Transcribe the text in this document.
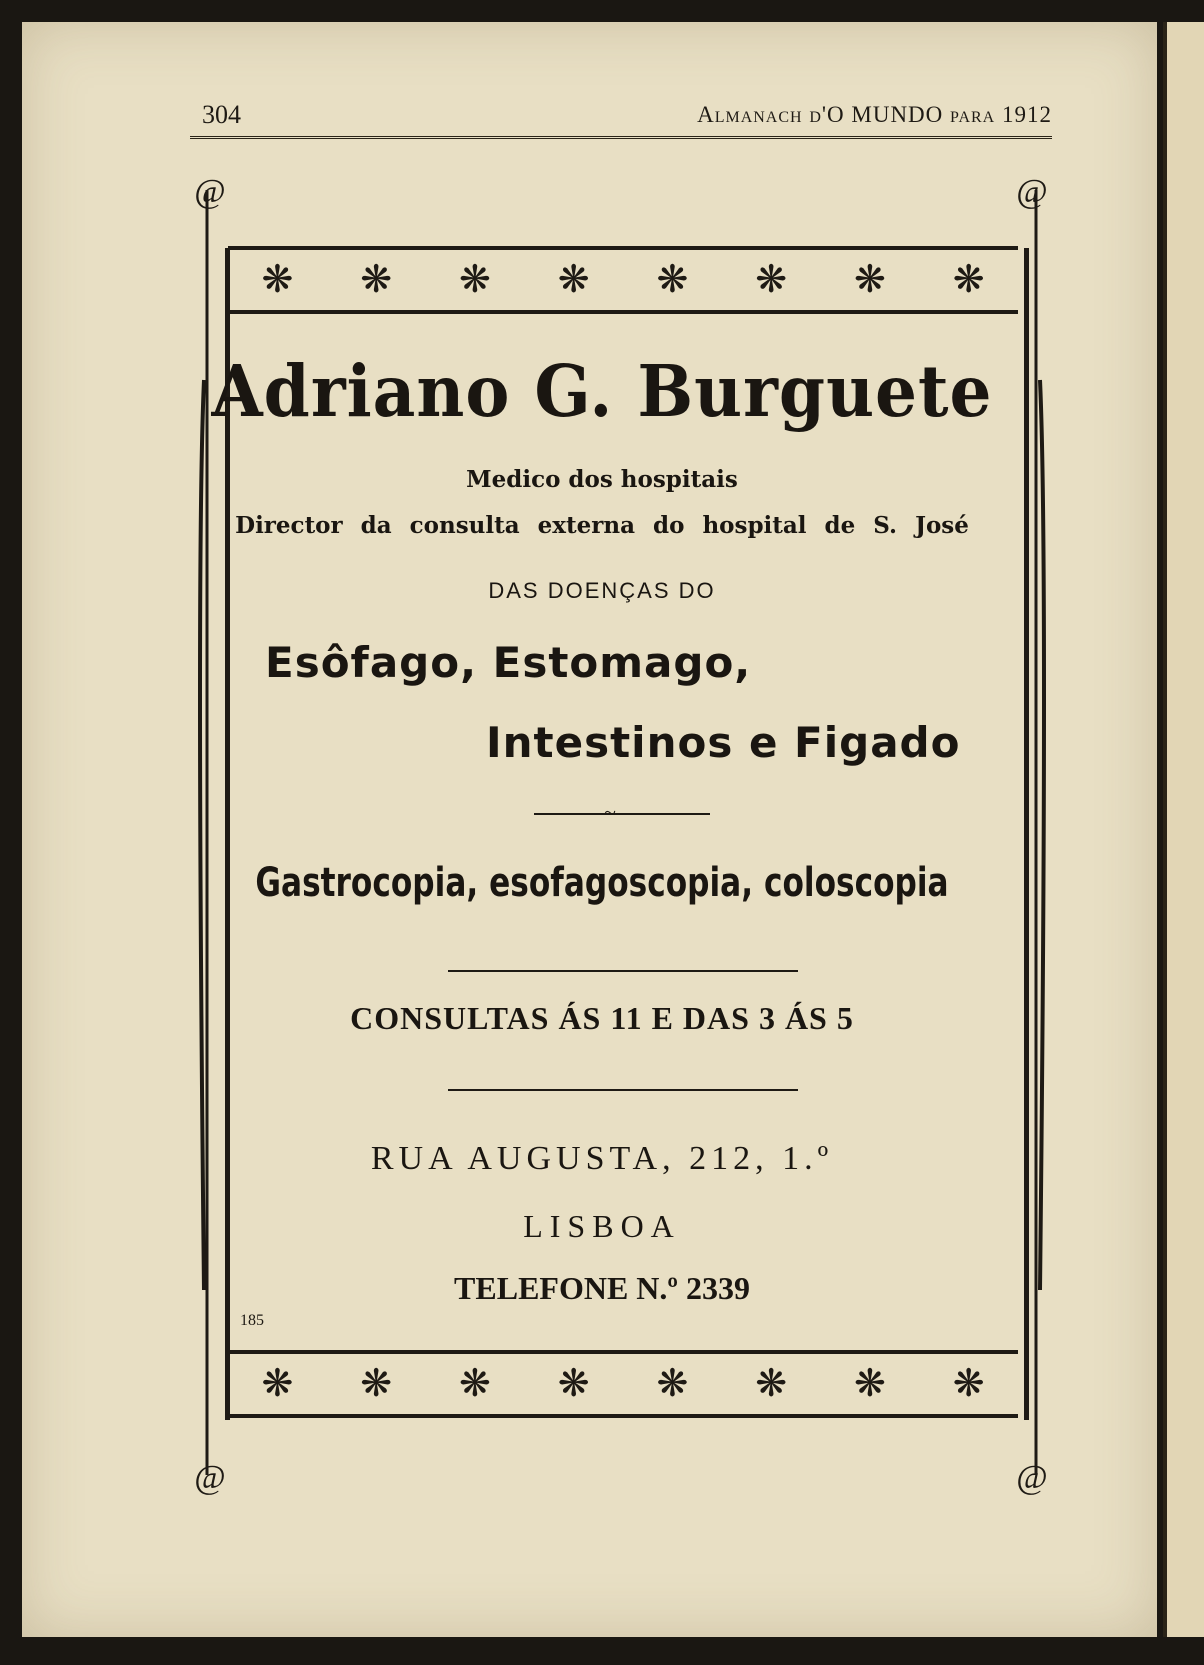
304	Almanach d'O MUNDO para 1912
@	@
@	@
❋ ❋ ❋ ❋ ❋ ❋ ❋ ❋
Adriano G. Burguete
Medico dos hospitais
Director da consulta externa do hospital de S. José
DAS DOENÇAS DO
Esôfago, Estomago,
Intestinos e Figado
~
Gastrocopia, esofagoscopia, coloscopia
CONSULTAS ÁS 11 E DAS 3 ÁS 5
RUA AUGUSTA, 212, 1.º
LISBOA
TELEFONE N.º 2339
185
❋ ❋ ❋ ❋ ❋ ❋ ❋ ❋
